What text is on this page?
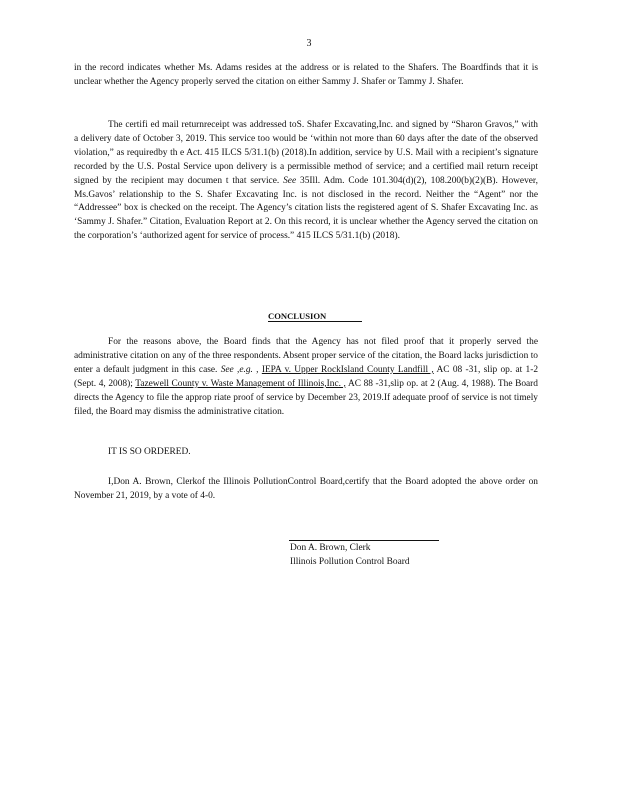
3

in the record indicates whether Ms. Adams resides at the address or is related to the Shafers. The Boardfinds that it is unclear whether the Agency properly served the citation on either Sammy J. Shafer or Tammy J. Shafer.

The certifi ed mail returnreceipt was addressed toS. Shafer Excavating,Inc. and signed by “Sharon Gravos,” with a delivery date of October 3, 2019. This service too would be ‘within not more than 60 days after the date of the observed violation,” as requiredby th e Act. 415 ILCS 5/31.1(b) (2018).In addition, service by U.S. Mail with a recipient’s signature recorded by the U.S. Postal Service upon delivery is a permissible method of service; and a certified mail return receipt signed by the recipient may documen t that service. See 35Ill. Adm. Code 101.304(d)(2), 108.200(b)(2)(B). However, Ms.Gavos’ relationship to the S. Shafer Excavating Inc. is not disclosed in the record. Neither the “Agent” nor the “Addressee” box is checked on the receipt. The Agency’s citation lists the registered agent of S. Shafer Excavating Inc. as ‘Sammy J. Shafer.” Citation, Evaluation Report at 2. On this record, it is unclear whether the Agency served the citation on the corporation’s ‘authorized agent for service of process.” 415 ILCS 5/31.1(b) (2018).

CONCLUSION

For the reasons above, the Board finds that the Agency has not filed proof that it properly served the administrative citation on any of the three respondents. Absent proper service of the citation, the Board lacks jurisdiction to enter a default judgment in this case. See ,e.g. , IEPA v. Upper RockIsland County Landfill , AC 08 -31, slip op. at 1-2 (Sept. 4, 2008); Tazewell County v. Waste Management of Illinois,Inc. , AC 88 -31,slip op. at 2 (Aug. 4, 1988). The Board directs the Agency to file the approp riate proof of service by December 23, 2019.If adequate proof of service is not timely filed, the Board may dismiss the administrative citation.

IT IS SO ORDERED.

I,Don A. Brown, Clerkof the Illinois PollutionControl Board,certify that the Board adopted the above order on November 21, 2019, by a vote of 4-0.

Don A. Brown, Clerk
Illinois Pollution Control Board
